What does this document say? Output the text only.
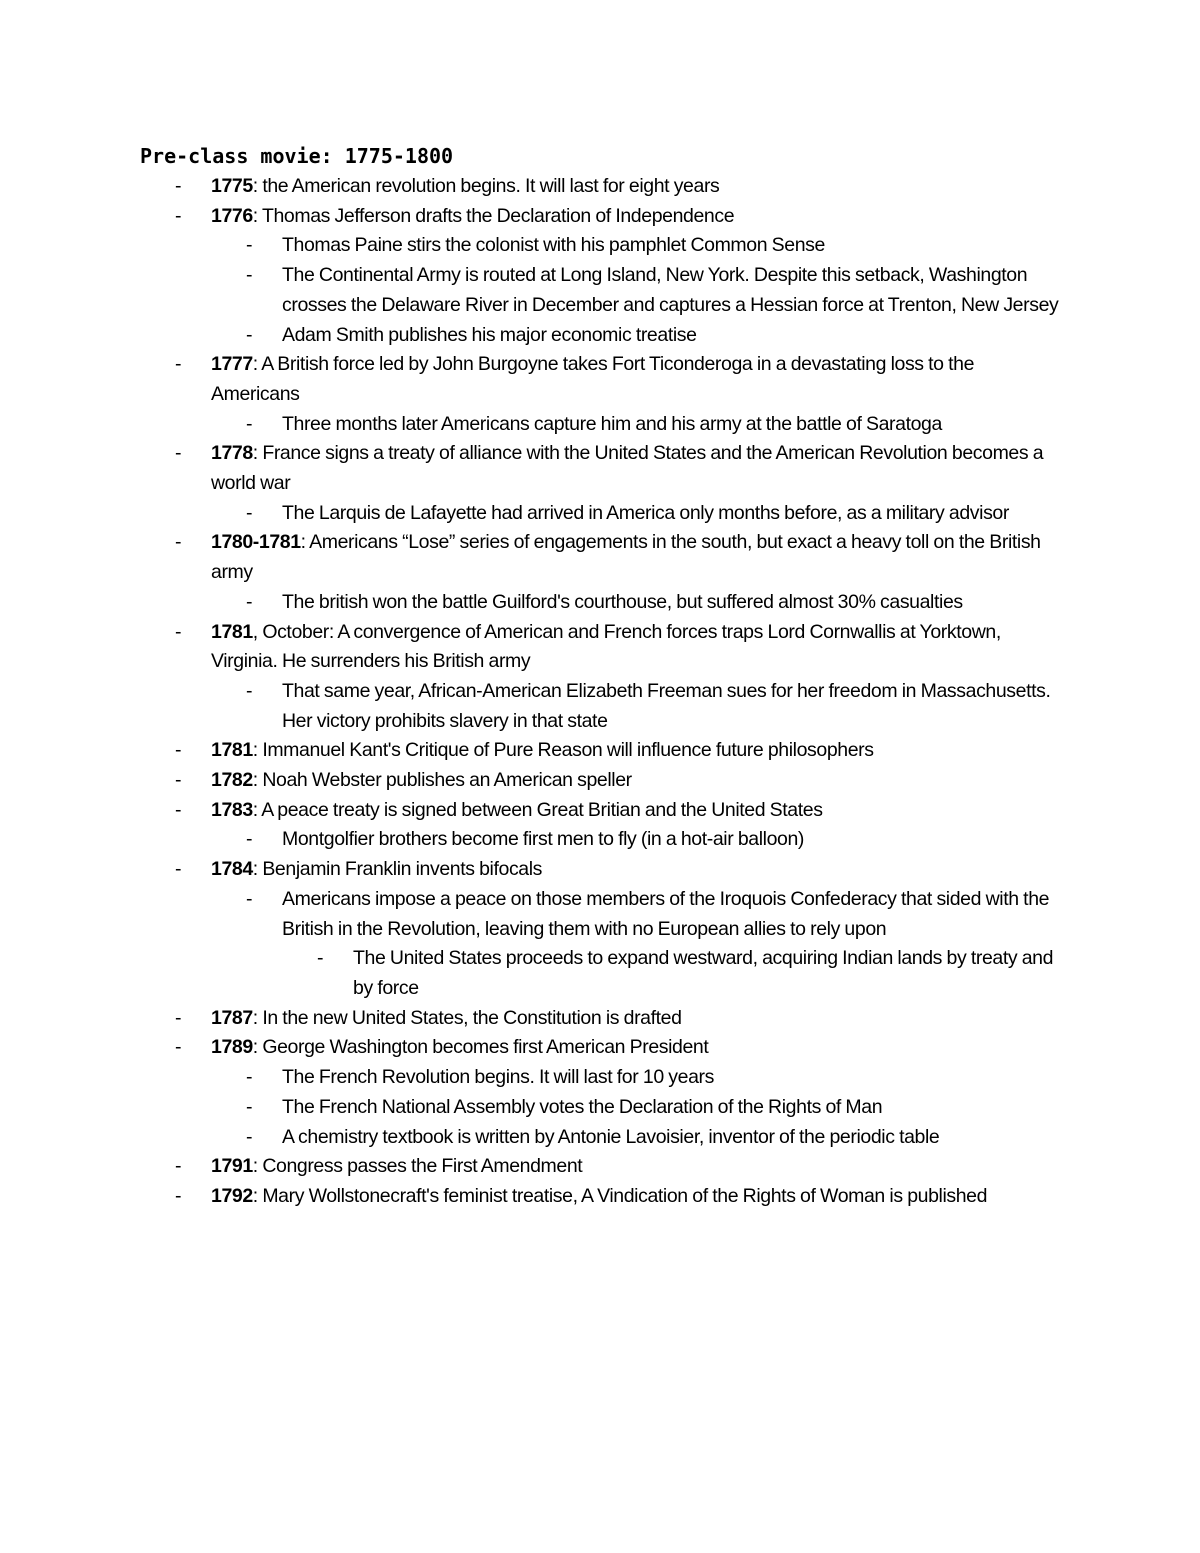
Pre-class movie: 1775-1800
-	1775: the American revolution begins. It will last for eight years
-	1776: Thomas Jefferson drafts the Declaration of Independence
-	Thomas Paine stirs the colonist with his pamphlet Common Sense
-	The Continental Army is routed at Long Island, New York. Despite this setback, Washington crosses the Delaware River in December and captures a Hessian force at Trenton, New Jersey
-	Adam Smith publishes his major economic treatise
-	1777: A British force led by John Burgoyne takes Fort Ticonderoga in a devastating loss to the Americans
-	Three months later Americans capture him and his army at the battle of Saratoga
-	1778: France signs a treaty of alliance with the United States and the American Revolution becomes a world war
-	The Larquis de Lafayette had arrived in America only months before, as a military advisor
-	1780-1781: Americans “Lose” series of engagements in the south, but exact a heavy toll on the British army
-	The british won the battle Guilford's courthouse, but suffered almost 30% casualties
-	1781, October: A convergence of American and French forces traps Lord Cornwallis at Yorktown, Virginia. He surrenders his British army
-	That same year, African-American Elizabeth Freeman sues for her freedom in Massachusetts. Her victory prohibits slavery in that state
-	1781: Immanuel Kant's Critique of Pure Reason will influence future philosophers
-	1782: Noah Webster publishes an American speller
-	1783: A peace treaty is signed between Great Britian and the United States
-	Montgolfier brothers become first men to fly (in a hot-air balloon)
-	1784: Benjamin Franklin invents bifocals
-	Americans impose a peace on those members of the Iroquois Confederacy that sided with the British in the Revolution, leaving them with no European allies to rely upon
-	The United States proceeds to expand westward, acquiring Indian lands by treaty and by force
-	1787: In the new United States, the Constitution is drafted
-	1789: George Washington becomes first American President
-	The French Revolution begins. It will last for 10 years
-	The French National Assembly votes the Declaration of the Rights of Man
-	A chemistry textbook is written by Antonie Lavoisier, inventor of the periodic table
-	1791: Congress passes the First Amendment
-	1792: Mary Wollstonecraft's feminist treatise, A Vindication of the Rights of Woman is published
